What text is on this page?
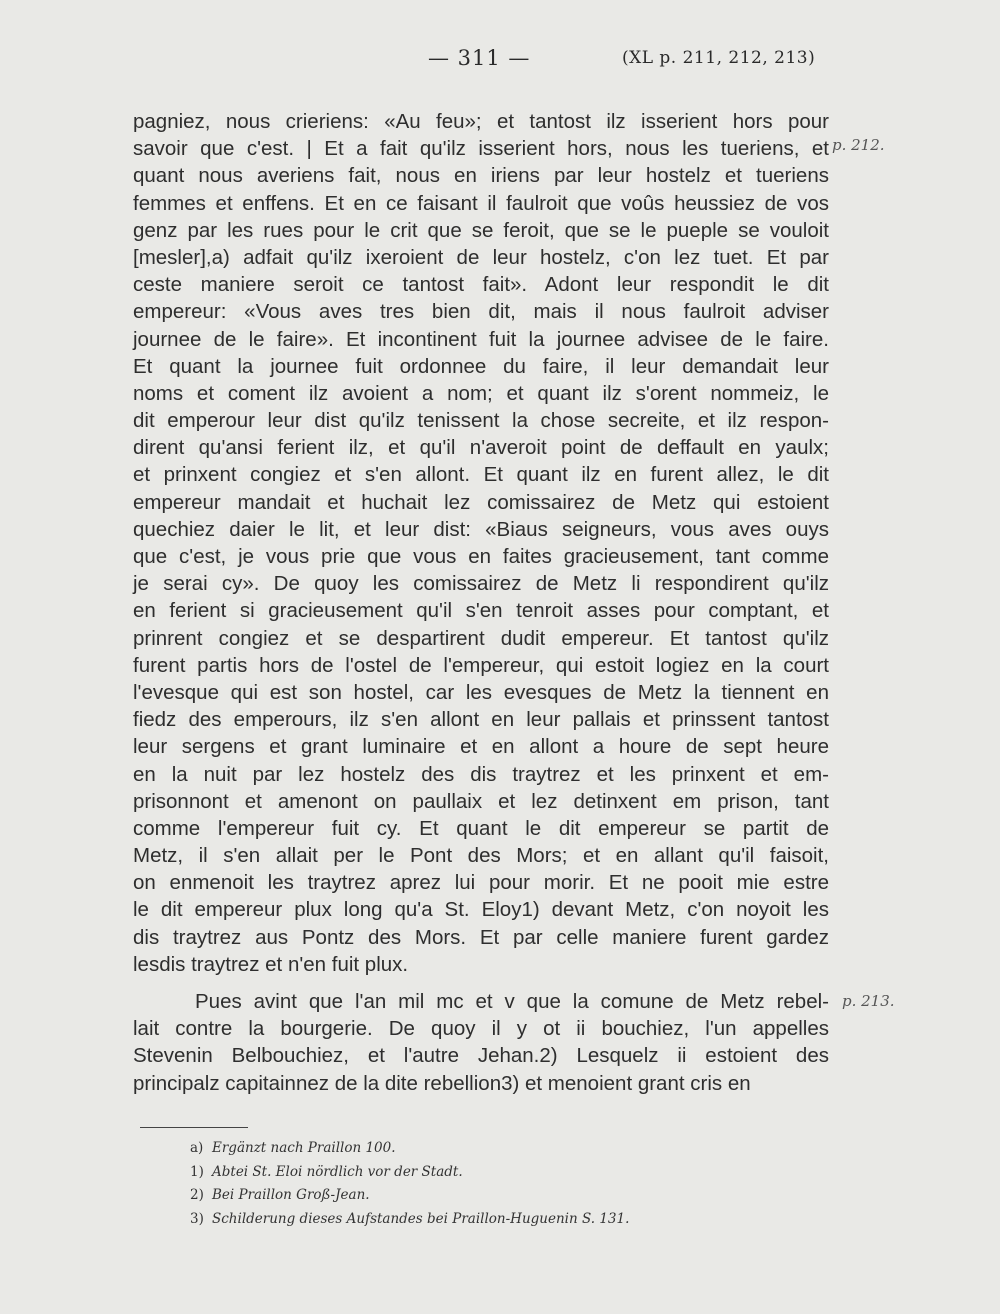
— 311 —	(XL p. 211, 212, 213)
p. 212.
p. 213.
pagniez, nous crieriens: «Au feu»; et tantost ilz isserient hors pour
savoir que c'est. | Et a fait qu'ilz isserient hors, nous les tueriens, et
quant nous averiens fait, nous en iriens par leur hostelz et tueriens
femmes et enffens. Et en ce faisant il faulroit que voûs heussiez de vos
genz par les rues pour le crit que se feroit, que se le pueple se vouloit
[mesler],a) adfait qu'ilz ixeroient de leur hostelz, c'on lez tuet. Et par
ceste maniere seroit ce tantost fait». Adont leur respondit le dit
empereur: «Vous aves tres bien dit, mais il nous faulroit adviser
journee de le faire». Et incontinent fuit la journee advisee de le faire.
Et quant la journee fuit ordonnee du faire, il leur demandait leur
noms et coment ilz avoient a nom; et quant ilz s'orent nommeiz, le
dit emperour leur dist qu'ilz tenissent la chose secreite, et ilz respon-
dirent qu'ansi ferient ilz, et qu'il n'averoit point de deffault en yaulx;
et prinxent congiez et s'en allont. Et quant ilz en furent allez, le dit
empereur mandait et huchait lez comissairez de Metz qui estoient
quechiez daier le lit, et leur dist: «Biaus seigneurs, vous aves ouys
que c'est, je vous prie que vous en faites gracieusement, tant comme
je serai cy». De quoy les comissairez de Metz li respondirent qu'ilz
en ferient si gracieusement qu'il s'en tenroit asses pour comptant, et
prinrent congiez et se despartirent dudit empereur. Et tantost qu'ilz
furent partis hors de l'ostel de l'empereur, qui estoit logiez en la court
l'evesque qui est son hostel, car les evesques de Metz la tiennent en
fiedz des emperours, ilz s'en allont en leur pallais et prinssent tantost
leur sergens et grant luminaire et en allont a houre de sept heure
en la nuit par lez hostelz des dis traytrez et les prinxent et em-
prisonnont et amenont on paullaix et lez detinxent em prison, tant
comme l'empereur fuit cy. Et quant le dit empereur se partit de
Metz, il s'en allait per le Pont des Mors; et en allant qu'il faisoit,
on enmenoit les traytrez aprez lui pour morir. Et ne pooit mie estre
le dit empereur plux long qu'a St. Eloy1) devant Metz, c'on noyoit les
dis traytrez aus Pontz des Mors. Et par celle maniere furent gardez
lesdis traytrez et n'en fuit plux.
Pues avint que l'an mil mc et v que la comune de Metz rebel-
lait contre la bourgerie. De quoy il y ot ii bouchiez, l'un appelles
Stevenin Belbouchiez, et l'autre Jehan.2) Lesquelz ii estoient des
principalz capitainnez de la dite rebellion3) et menoient grant cris en
a) Ergänzt nach Praillon 100.
1) Abtei St. Eloi nördlich vor der Stadt.
2) Bei Praillon Groß-Jean.
3) Schilderung dieses Aufstandes bei Praillon-Huguenin S. 131.
